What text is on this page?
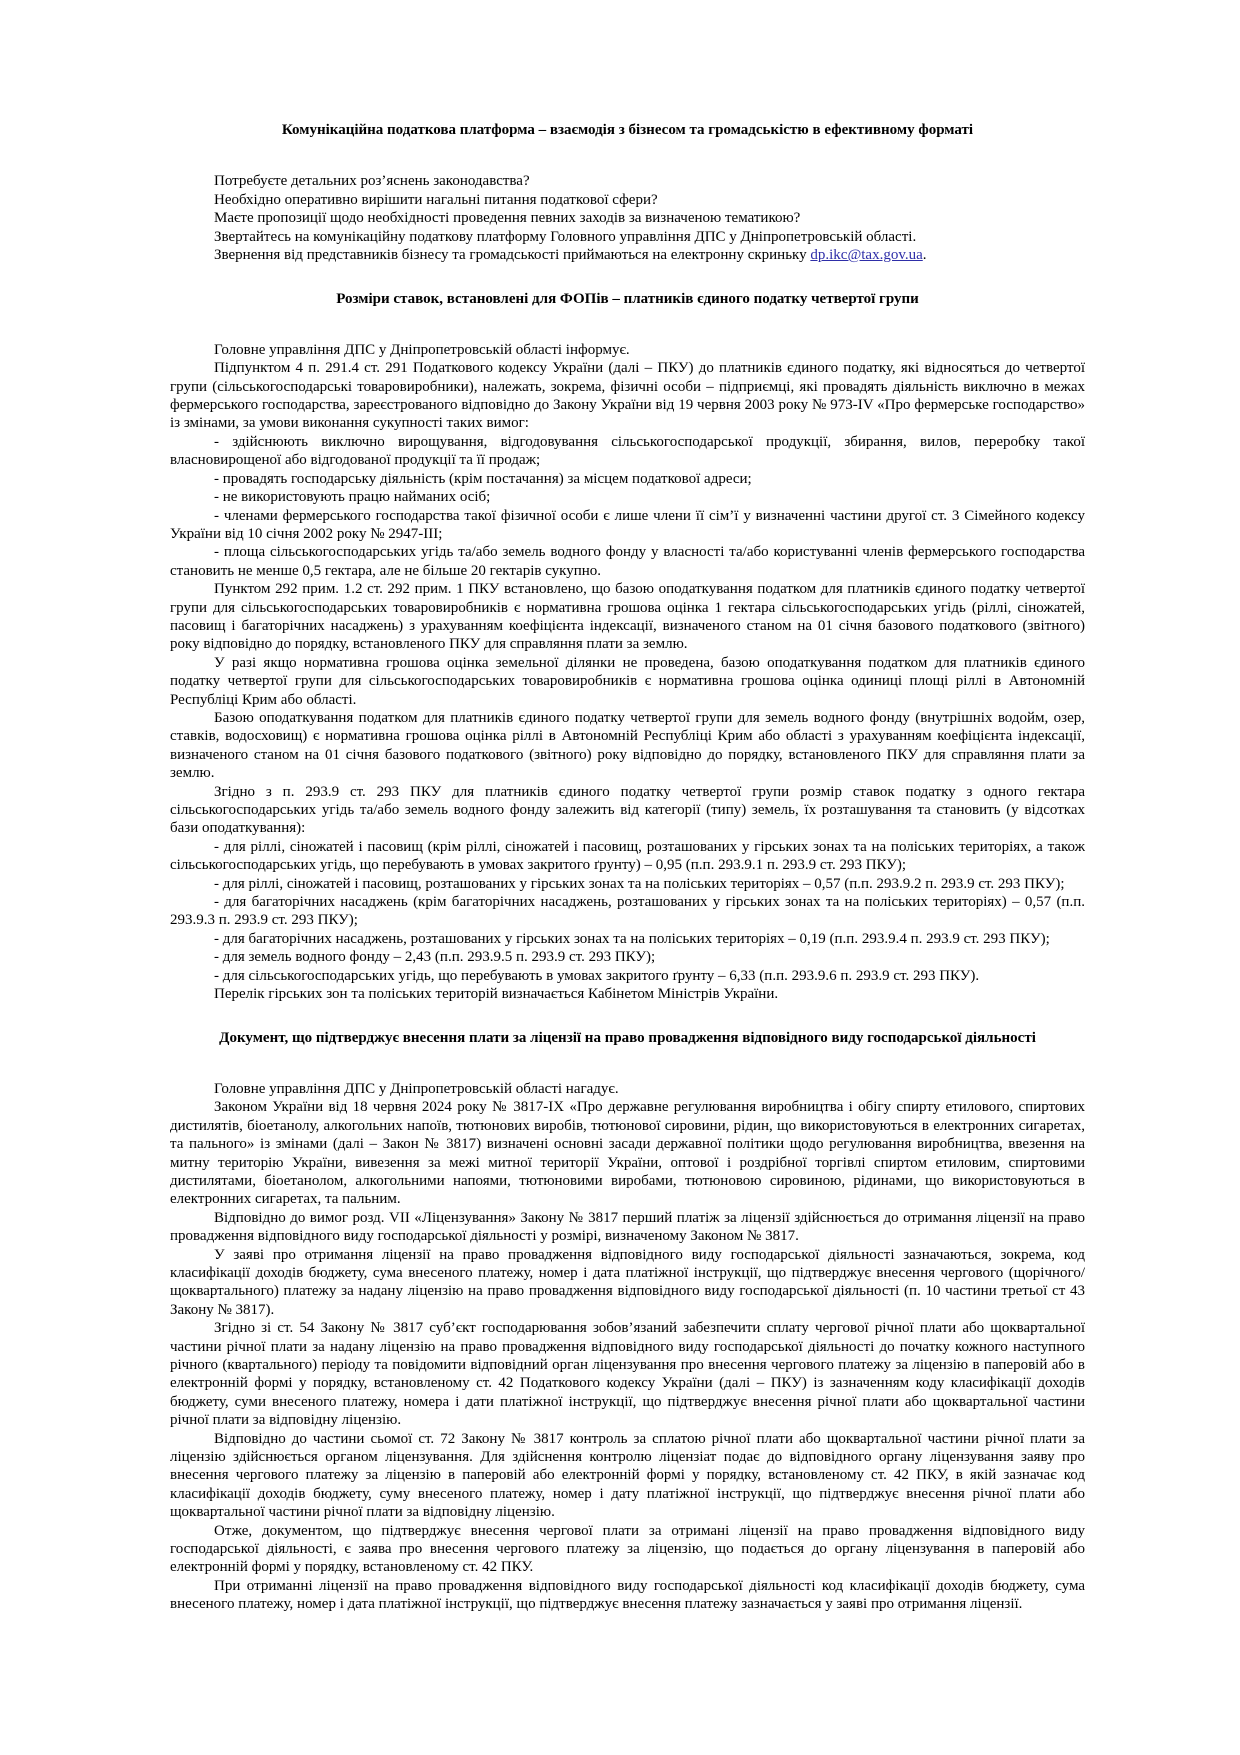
Комунікаційна податкова платформа – взаємодія з бізнесом та громадськістю в ефективному форматі

Потребуєте детальних роз’яснень законодавства?

Необхідно оперативно вирішити нагальні питання податкової сфери?

Маєте пропозиції щодо необхідності проведення певних заходів за визначеною тематикою?

Звертайтесь на комунікаційну податкову платформу Головного управління ДПС у Дніпропетровській області.

Звернення від представників бізнесу та громадськості приймаються на електронну скриньку dp.ikc@tax.gov.ua.

Розміри ставок, встановлені для ФОПів – платників єдиного податку четвертої групи

Головне управління ДПС у Дніпропетровській області інформує.

Підпунктом 4 п. 291.4 ст. 291 Податкового кодексу України (далі – ПКУ) до платників єдиного податку, які відносяться до четвертої групи (сільськогосподарські товаровиробники), належать, зокрема, фізичні особи – підприємці, які провадять діяльність виключно в межах фермерського господарства, зареєстрованого відповідно до Закону України від 19 червня 2003 року № 973-IV «Про фермерське господарство» із змінами, за умови виконання сукупності таких вимог:

- здійснюють виключно вирощування, відгодовування сільськогосподарської продукції, збирання, вилов, переробку такої власновирощеної або відгодованої продукції та її продаж;

- провадять господарську діяльність (крім постачання) за місцем податкової адреси;

- не використовують працю найманих осіб;

- членами фермерського господарства такої фізичної особи є лише члени її сім’ї у визначенні частини другої ст. 3 Сімейного кодексу України від 10 січня 2002 року № 2947-III;

- площа сільськогосподарських угідь та/або земель водного фонду у власності та/або користуванні членів фермерського господарства становить не менше 0,5 гектара, але не більше 20 гектарів сукупно.

Пунктом 292 прим. 1.2 ст. 292 прим. 1 ПКУ встановлено, що базою оподаткування податком для платників єдиного податку четвертої групи для сільськогосподарських товаровиробників є нормативна грошова оцінка 1 гектара сільськогосподарських угідь (ріллі, сіножатей, пасовищ і багаторічних насаджень) з урахуванням коефіцієнта індексації, визначеного станом на 01 січня базового податкового (звітного) року відповідно до порядку, встановленого ПКУ для справляння плати за землю.

У разі якщо нормативна грошова оцінка земельної ділянки не проведена, базою оподаткування податком для платників єдиного податку четвертої групи для сільськогосподарських товаровиробників є нормативна грошова оцінка одиниці площі ріллі в Автономній Республіці Крим або області.

Базою оподаткування податком для платників єдиного податку четвертої групи для земель водного фонду (внутрішніх водойм, озер, ставків, водосховищ) є нормативна грошова оцінка ріллі в Автономній Республіці Крим або області з урахуванням коефіцієнта індексації, визначеного станом на 01 січня базового податкового (звітного) року відповідно до порядку, встановленого ПКУ для справляння плати за землю.

Згідно з п. 293.9 ст. 293 ПКУ для платників єдиного податку четвертої групи розмір ставок податку з одного гектара сільськогосподарських угідь та/або земель водного фонду залежить від категорії (типу) земель, їх розташування та становить (у відсотках бази оподаткування):

- для ріллі, сіножатей і пасовищ (крім ріллі, сіножатей і пасовищ, розташованих у гірських зонах та на поліських територіях, а також сільськогосподарських угідь, що перебувають в умовах закритого ґрунту) – 0,95 (п.п. 293.9.1 п. 293.9 ст. 293 ПКУ);

- для ріллі, сіножатей і пасовищ, розташованих у гірських зонах та на поліських територіях – 0,57 (п.п. 293.9.2 п. 293.9 ст. 293 ПКУ);

- для багаторічних насаджень (крім багаторічних насаджень, розташованих у гірських зонах та на поліських територіях) – 0,57 (п.п. 293.9.3 п. 293.9 ст. 293 ПКУ);

- для багаторічних насаджень, розташованих у гірських зонах та на поліських територіях – 0,19 (п.п. 293.9.4 п. 293.9 ст. 293 ПКУ);

- для земель водного фонду – 2,43 (п.п. 293.9.5 п. 293.9 ст. 293 ПКУ);

- для сільськогосподарських угідь, що перебувають в умовах закритого ґрунту – 6,33 (п.п. 293.9.6 п. 293.9 ст. 293 ПКУ).

Перелік гірських зон та поліських територій визначається Кабінетом Міністрів України.

Документ, що підтверджує внесення плати за ліцензії на право провадження відповідного виду господарської діяльності

Головне управління ДПС у Дніпропетровській області нагадує.

Законом України від 18 червня 2024 року № 3817-IX «Про державне регулювання виробництва і обігу спирту етилового, спиртових дистилятів, біоетанолу, алкогольних напоїв, тютюнових виробів, тютюнової сировини, рідин, що використовуються в електронних сигаретах, та пального» із змінами (далі – Закон № 3817) визначені основні засади державної політики щодо регулювання виробництва, ввезення на митну територію України, вивезення за межі митної території України, оптової і роздрібної торгівлі спиртом етиловим, спиртовими дистилятами, біоетанолом, алкогольними напоями, тютюновими виробами, тютюновою сировиною, рідинами, що використовуються в електронних сигаретах, та пальним.

Відповідно до вимог розд. VII «Ліцензування» Закону № 3817 перший платіж за ліцензії здійснюється до отримання ліцензії на право провадження відповідного виду господарської діяльності у розмірі, визначеному Законом № 3817.

У заяві про отримання ліцензії на право провадження відповідного виду господарської діяльності зазначаються, зокрема, код класифікації доходів бюджету, сума внесеного платежу, номер і дата платіжної інструкції, що підтверджує внесення чергового (щорічного/щоквартального) платежу за надану ліцензію на право провадження відповідного виду господарської діяльності (п. 10 частини третьої ст 43 Закону № 3817).

Згідно зі ст. 54 Закону № 3817 суб’єкт господарювання зобов’язаний забезпечити сплату чергової річної плати або щоквартальної частини річної плати за надану ліцензію на право провадження відповідного виду господарської діяльності до початку кожного наступного річного (квартального) періоду та повідомити відповідний орган ліцензування про внесення чергового платежу за ліцензію в паперовій або в електронній формі у порядку, встановленому ст. 42 Податкового кодексу України (далі – ПКУ) із зазначенням коду класифікації доходів бюджету, суми внесеного платежу, номера і дати платіжної інструкції, що підтверджує внесення річної плати або щоквартальної частини річної плати за відповідну ліцензію.

Відповідно до частини сьомої ст. 72 Закону № 3817 контроль за сплатою річної плати або щоквартальної частини річної плати за ліцензію здійснюється органом ліцензування. Для здійснення контролю ліцензіат подає до відповідного органу ліцензування заяву про внесення чергового платежу за ліцензію в паперовій або електронній формі у порядку, встановленому ст. 42 ПКУ, в якій зазначає код класифікації доходів бюджету, суму внесеного платежу, номер і дату платіжної інструкції, що підтверджує внесення річної плати або щоквартальної частини річної плати за відповідну ліцензію.

Отже, документом, що підтверджує внесення чергової плати за отримані ліцензії на право провадження відповідного виду господарської діяльності, є заява про внесення чергового платежу за ліцензію, що подається до органу ліцензування в паперовій або електронній формі у порядку, встановленому ст. 42 ПКУ.

При отриманні ліцензії на право провадження відповідного виду господарської діяльності код класифікації доходів бюджету, сума внесеного платежу, номер і дата платіжної інструкції, що підтверджує внесення платежу зазначається у заяві про отримання ліцензії.
